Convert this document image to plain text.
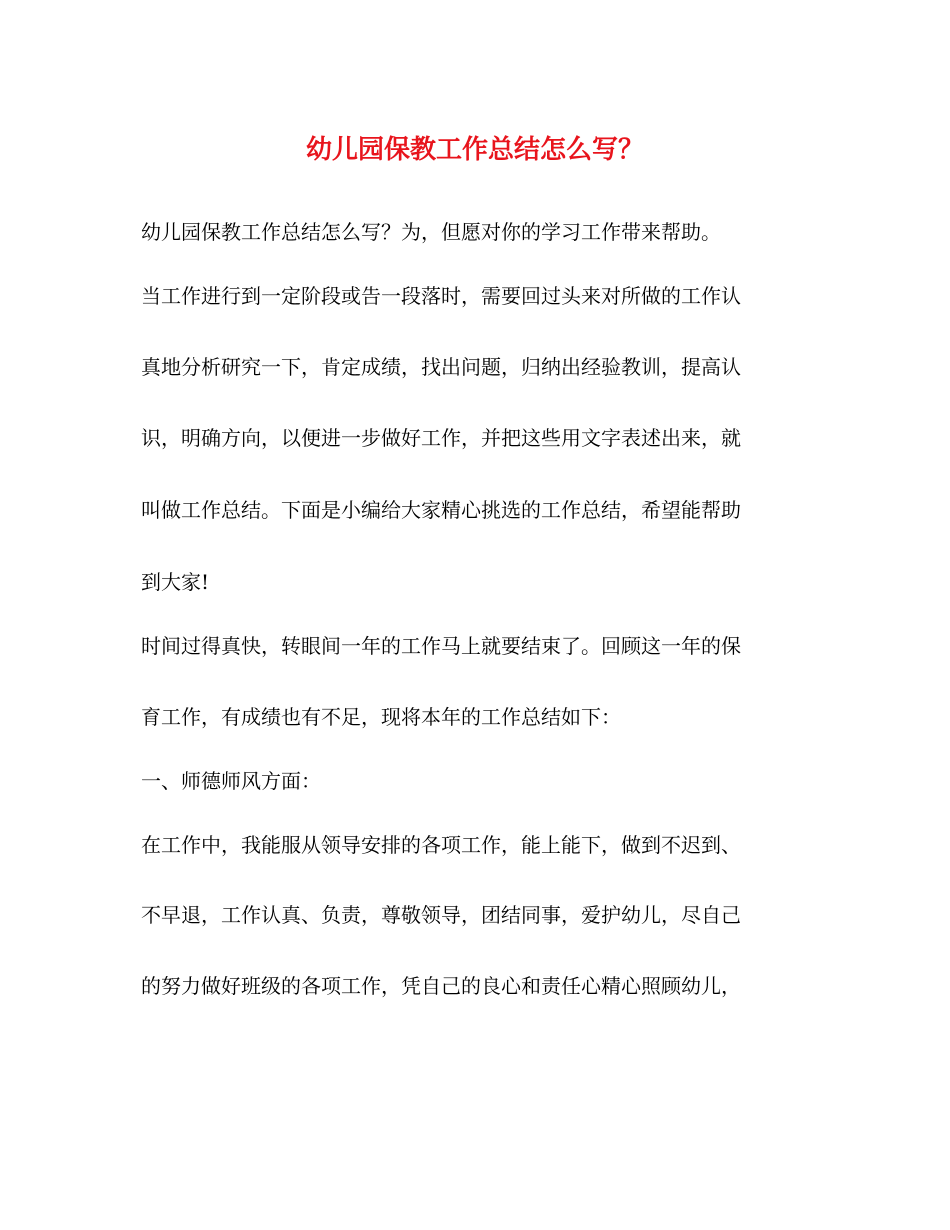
幼儿园保教工作总结怎么写？

幼儿园保教工作总结怎么写？为，但愿对你的学习工作带来帮助。

当工作进行到一定阶段或告一段落时，需要回过头来对所做的工作认

真地分析研究一下，肯定成绩，找出问题，归纳出经验教训，提高认

识，明确方向，以便进一步做好工作，并把这些用文字表述出来，就

叫做工作总结。下面是小编给大家精心挑选的工作总结，希望能帮助

到大家!

时间过得真快，转眼间一年的工作马上就要结束了。回顾这一年的保

育工作，有成绩也有不足，现将本年的工作总结如下：

一、师德师风方面：

在工作中，我能服从领导安排的各项工作，能上能下，做到不迟到、

不早退，工作认真、负责，尊敬领导，团结同事，爱护幼儿，尽自己

的努力做好班级的各项工作，凭自己的良心和责任心精心照顾幼儿，
